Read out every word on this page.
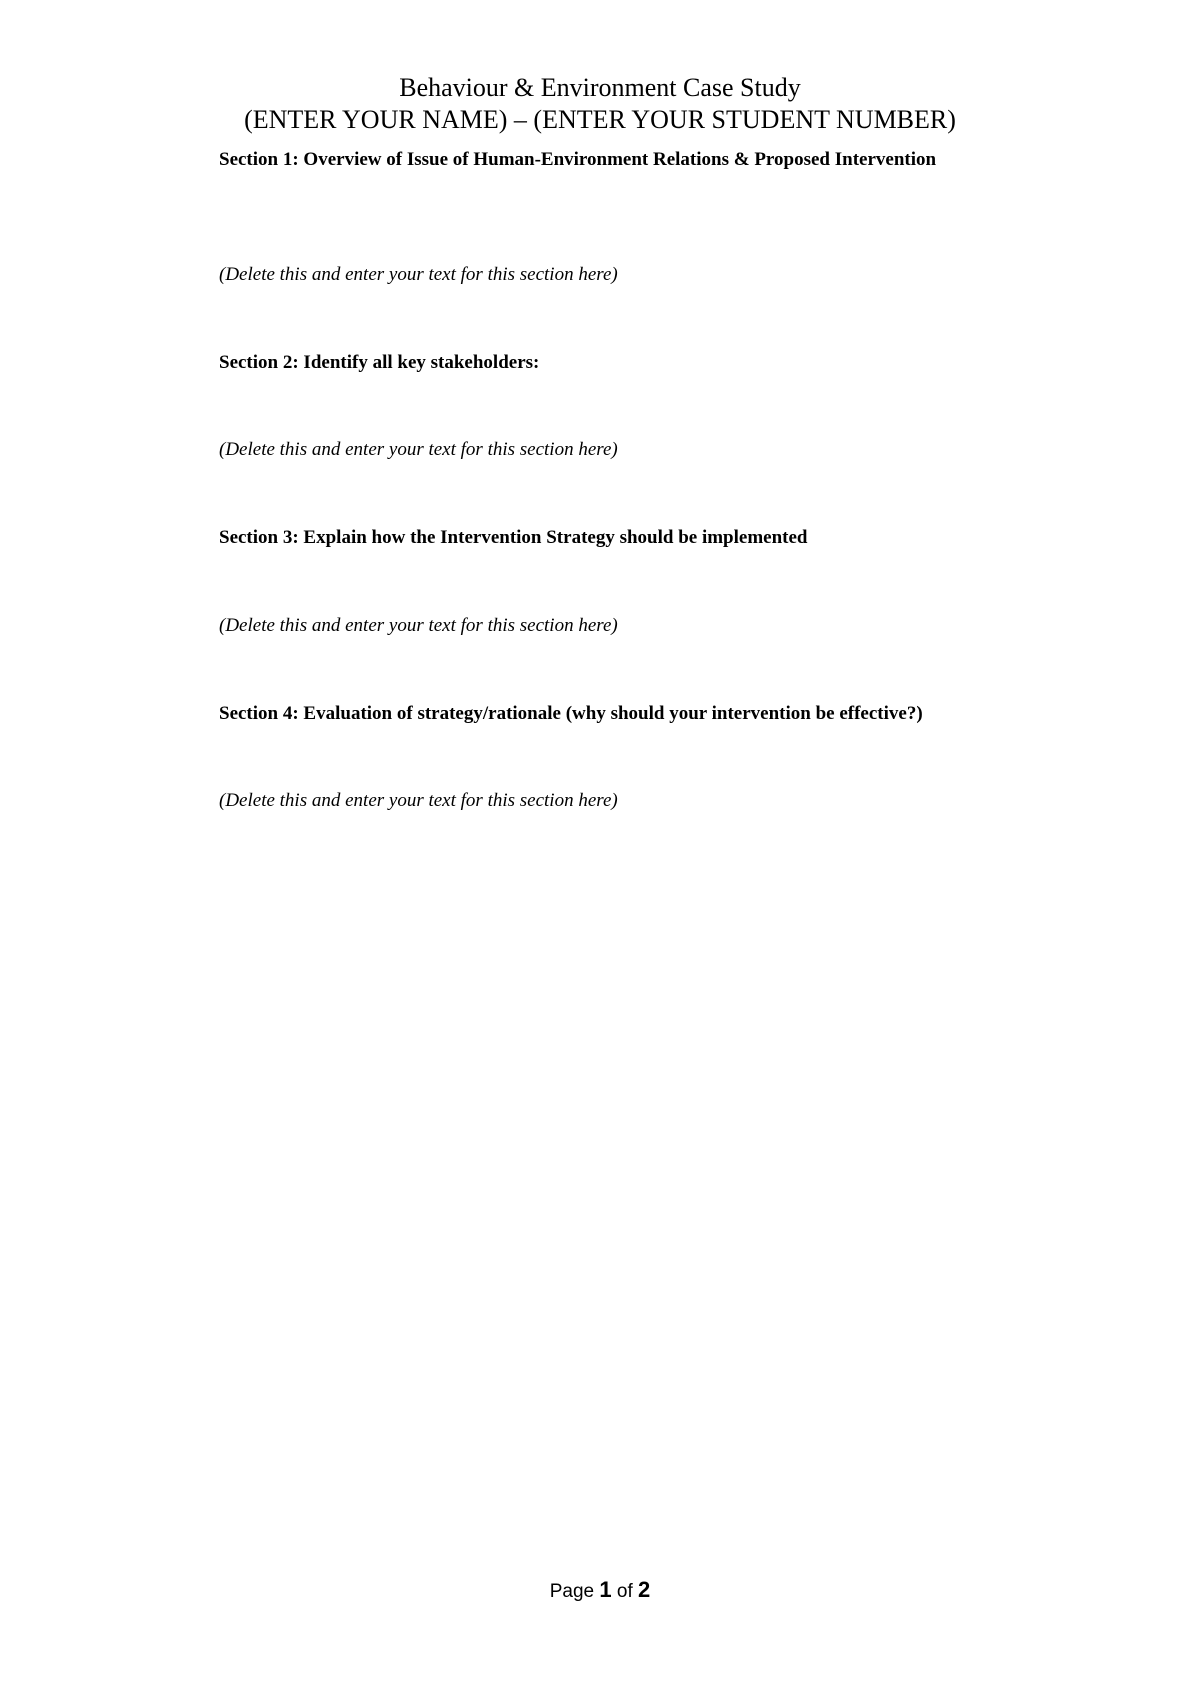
Behaviour & Environment Case Study
(ENTER YOUR NAME) – (ENTER YOUR STUDENT NUMBER)
Section 1: Overview of Issue of Human-Environment Relations & Proposed Intervention
(Delete this and enter your text for this section here)
Section 2: Identify all key stakeholders:
(Delete this and enter your text for this section here)
Section 3: Explain how the Intervention Strategy should be implemented
(Delete this and enter your text for this section here)
Section 4: Evaluation of strategy/rationale (why should your intervention be effective?)
(Delete this and enter your text for this section here)
Page 1 of 2
